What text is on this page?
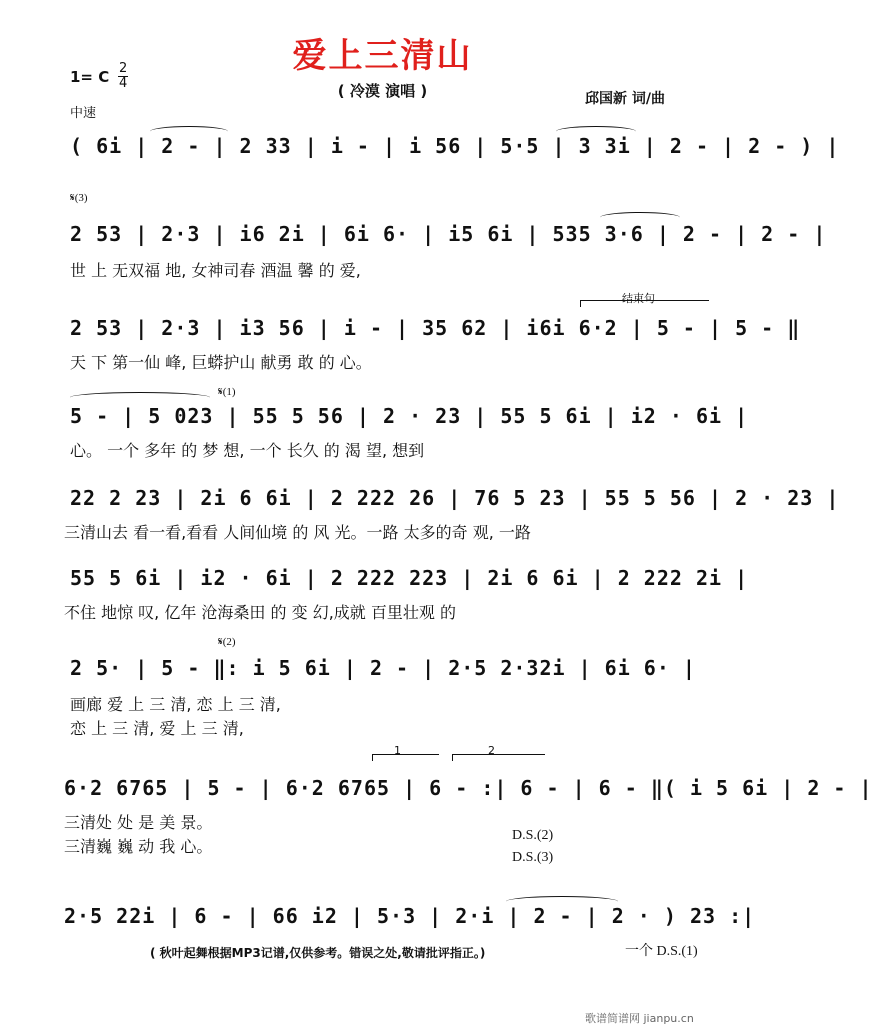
爱上三清山
( 冷漠 演唱 )
1= C $\frac{2}{4}$
中速
邱国新 词/曲
( 6i | 2 - | 2 33 | i - | i 56 | 5·5 | 3 3i | 2 - | 2 - ) |
𝄋(3)
2 53 | 2·3 | i6 2i | 6i 6· | i5 6i | 535 3·6 | 2 - | 2 - |
世 上 无双福 地, 女神司春 酒温 馨 的 爱,
结束句
2 53 | 2·3 | i3 56 | i - | 35 62 | i6i 6·2 | 5 - | 5 - ‖
天 下 第一仙 峰, 巨蟒护山 献勇 敢 的 心。
𝄋(1)
5 - | 5 023 | 55 5 56 | 2 · 23 | 55 5 6i | i2 · 6i |
心。 一个 多年 的 梦 想, 一个 长久 的 渴 望, 想到
22 2 23 | 2i 6 6i | 2 222 26 | 76 5 23 | 55 5 56 | 2 · 23 |
三清山去 看一看,看看 人间仙境 的 风 光。一路 太多的奇 观, 一路
55 5 6i | i2 · 6i | 2 222 223 | 2i 6 6i | 2 222 2i |
不住 地惊 叹, 亿年 沧海桑田 的 变 幻,成就 百里壮观 的
𝄋(2)
2 5· | 5 - ‖: i 5 6i | 2 - | 2·5 2·32i | 6i 6· |
画廊 爱 上 三 清, 恋 上 三 清,
恋 上 三 清, 爱 上 三 清,
1	2
6·2 6765 | 5 - | 6·2 6765 | 6 - :| 6 - | 6 - ‖( i 5 6i | 2 - |
三清处 处 是 美 景。
三清巍 巍 动 我 心。
D.S.(2)
D.S.(3)
2·5 22i | 6 - | 66 i2 | 5·3 | 2·i | 2 - | 2 · ) 23 :|
一个 D.S.(1)
( 秋叶起舞根据MP3记谱,仅供参考。错误之处,敬请批评指正。)
歌谱简谱网 jianpu.cn
